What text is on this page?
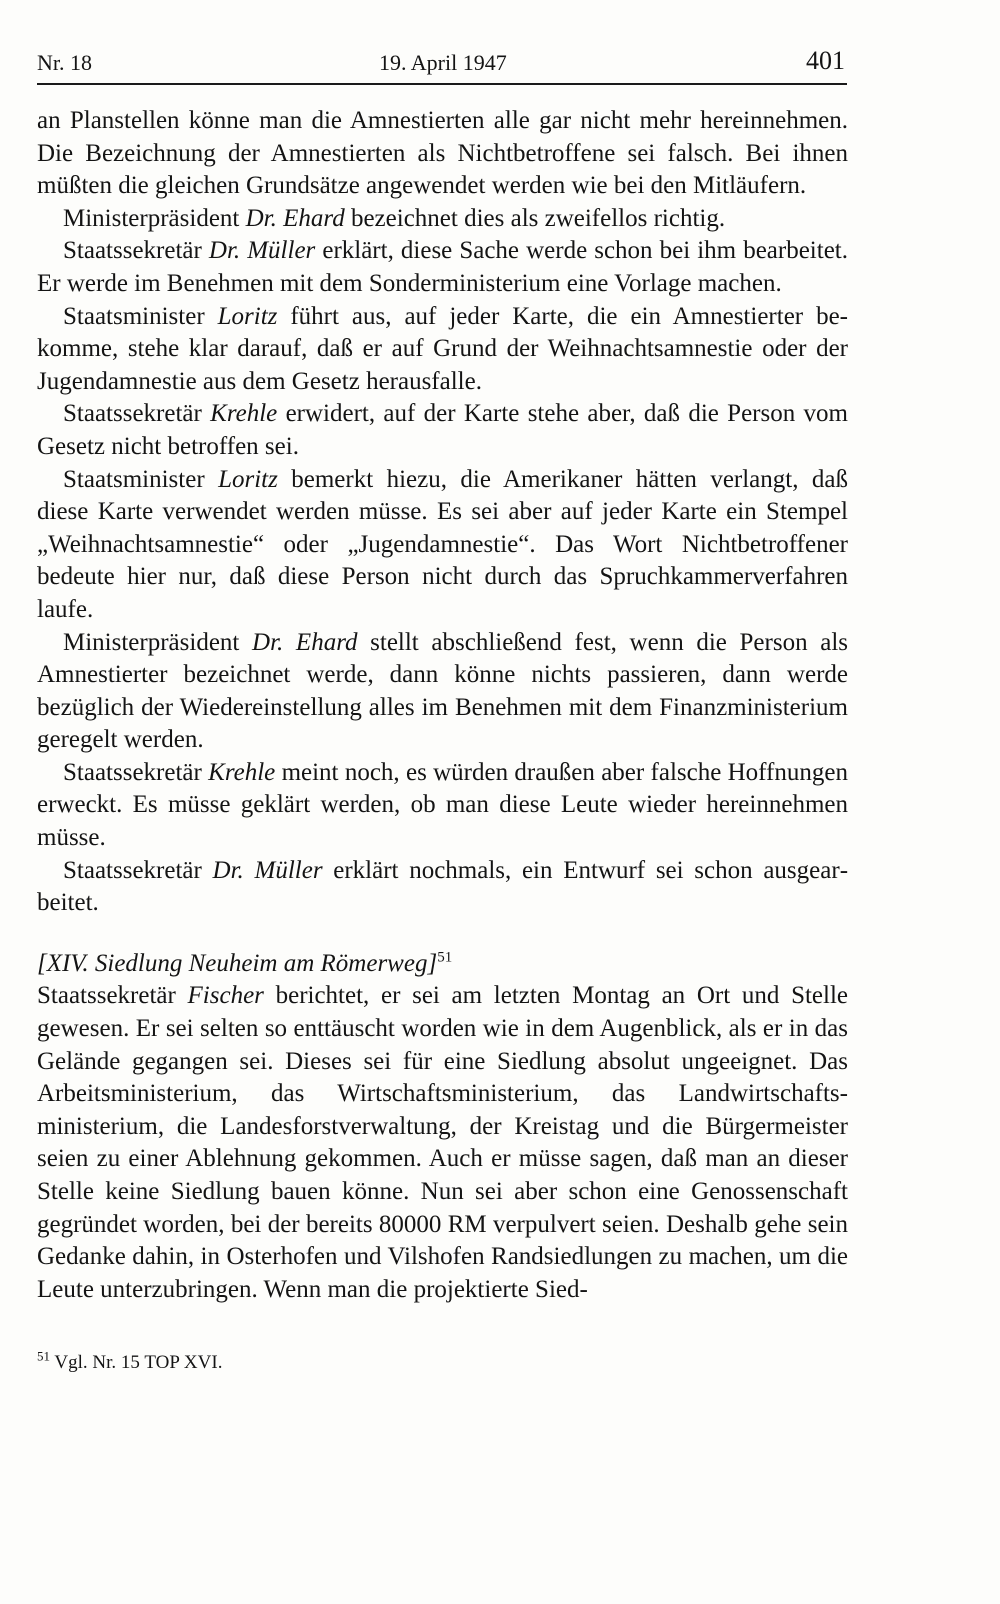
Nr. 18	19. April 1947	401

an Planstellen könne man die Amnestierten alle gar nicht mehr hereinnehmen. Die Bezeichnung der Amnestierten als Nichtbetroffene sei falsch. Bei ihnen müßten die gleichen Grundsätze angewendet werden wie bei den Mitläufern.

Ministerpräsident Dr. Ehard bezeichnet dies als zweifellos richtig.

Staatssekretär Dr. Müller erklärt, diese Sache werde schon bei ihm bearbeitet. Er werde im Benehmen mit dem Sonderministerium eine Vorlage machen.

Staatsminister Loritz führt aus, auf jeder Karte, die ein Amnestierter bekomme, stehe klar darauf, daß er auf Grund der Weihnachtsamnestie oder der Jugendamnestie aus dem Gesetz herausfalle.

Staatssekretär Krehle erwidert, auf der Karte stehe aber, daß die Person vom Gesetz nicht betroffen sei.

Staatsminister Loritz bemerkt hiezu, die Amerikaner hätten verlangt, daß diese Karte verwendet werden müsse. Es sei aber auf jeder Karte ein Stempel „Weihnachtsamnestie“ oder „Jugendamnestie“. Das Wort Nichtbetroffener bedeute hier nur, daß diese Person nicht durch das Spruchkammerverfahren laufe.

Ministerpräsident Dr. Ehard stellt abschließend fest, wenn die Person als Amnestierter bezeichnet werde, dann könne nichts passieren, dann werde bezüglich der Wiedereinstellung alles im Benehmen mit dem Finanzministerium geregelt werden.

Staatssekretär Krehle meint noch, es würden draußen aber falsche Hoffnungen erweckt. Es müsse geklärt werden, ob man diese Leute wieder hereinnehmen müsse.

Staatssekretär Dr. Müller erklärt nochmals, ein Entwurf sei schon ausgearbeitet.

[XIV. Siedlung Neuheim am Römerweg]$^{51}$

Staatssekretär Fischer berichtet, er sei am letzten Montag an Ort und Stelle gewesen. Er sei selten so enttäuscht worden wie in dem Augenblick, als er in das Gelände gegangen sei. Dieses sei für eine Siedlung absolut ungeeignet. Das Arbeitsministerium, das Wirtschaftsministerium, das Landwirtschaftsministerium, die Landesforstverwaltung, der Kreistag und die Bürgermeister seien zu einer Ablehnung gekommen. Auch er müsse sagen, daß man an dieser Stelle keine Siedlung bauen könne. Nun sei aber schon eine Genossenschaft gegründet worden, bei der bereits 80000 RM verpulvert seien. Deshalb gehe sein Gedanke dahin, in Osterhofen und Vilshofen Randsiedlungen zu machen, um die Leute unterzubringen. Wenn man die projektierte Sied-

$^{51}$ Vgl. Nr. 15 TOP XVI.
